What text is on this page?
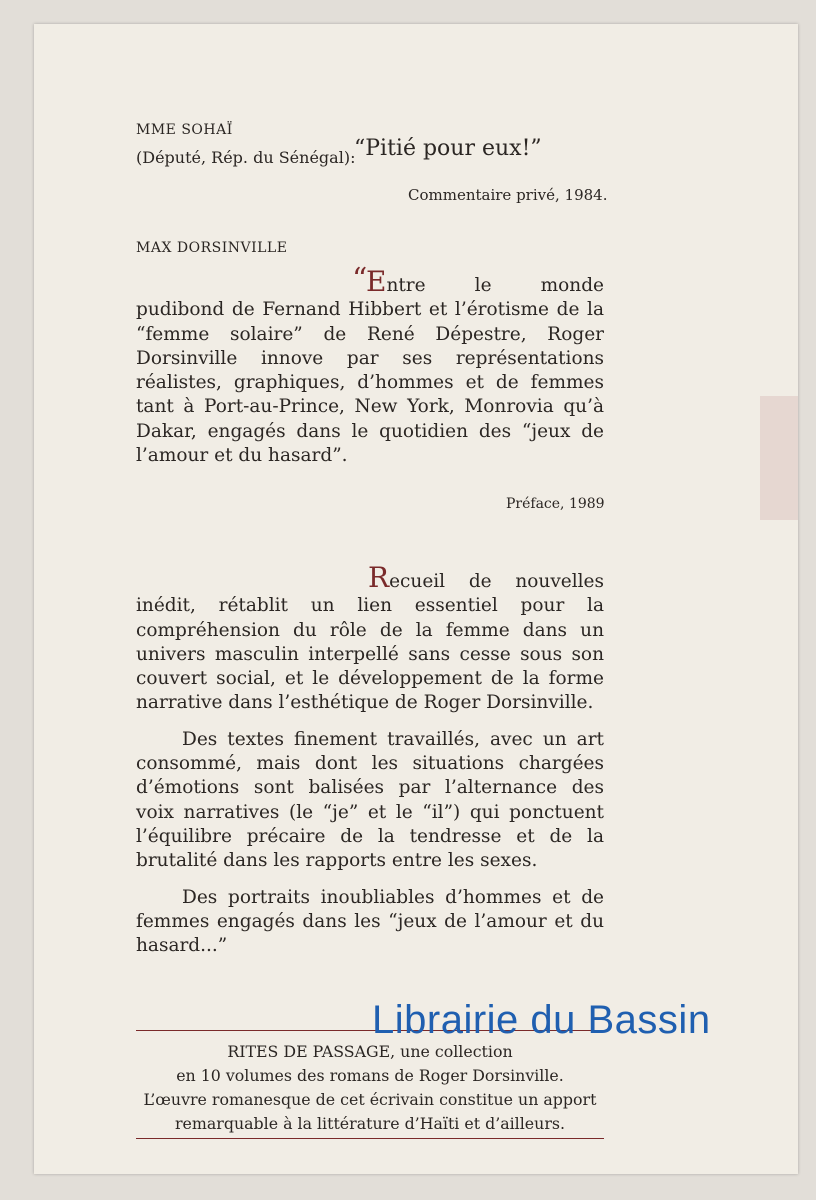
MME SOHAÏ
(Député, Rép. du Sénégal):
“Pitié pour eux!”
Commentaire privé, 1984.
MAX DORSINVILLE
“
Entre le monde pudibond de Fernand Hibbert et l’érotisme de la “femme solaire” de René Dépestre, Roger Dorsinville innove par ses représentations réalistes, graphiques, d’hommes et de femmes tant à Port-au-Prince, New York, Monrovia qu’à Dakar, engagés dans le quotidien des “jeux de l’amour et du hasard”.
Préface, 1989

Recueil de nouvelles inédit, rétablit un lien essentiel pour la compréhension du rôle de la femme dans un univers masculin interpellé sans cesse sous son couvert social, et le développement de la forme narrative dans l’esthétique de Roger Dorsinville.

Des textes finement travaillés, avec un art consommé, mais dont les situations chargées d’émotions sont balisées par l’alternance des voix narratives (le “je” et le “il”) qui ponctuent l’équilibre précaire de la tendresse et de la brutalité dans les rapports entre les sexes.

Des portraits inoubliables d’hommes et de femmes engagés dans les “jeux de l’amour et du hasard...”

RITES DE PASSAGE, une collection
en 10 volumes des romans de Roger Dorsinville.
L’œuvre romanesque de cet écrivain constitue un apport
remarquable à la littérature d’Haïti et d’ailleurs.
Librairie du Bassin
